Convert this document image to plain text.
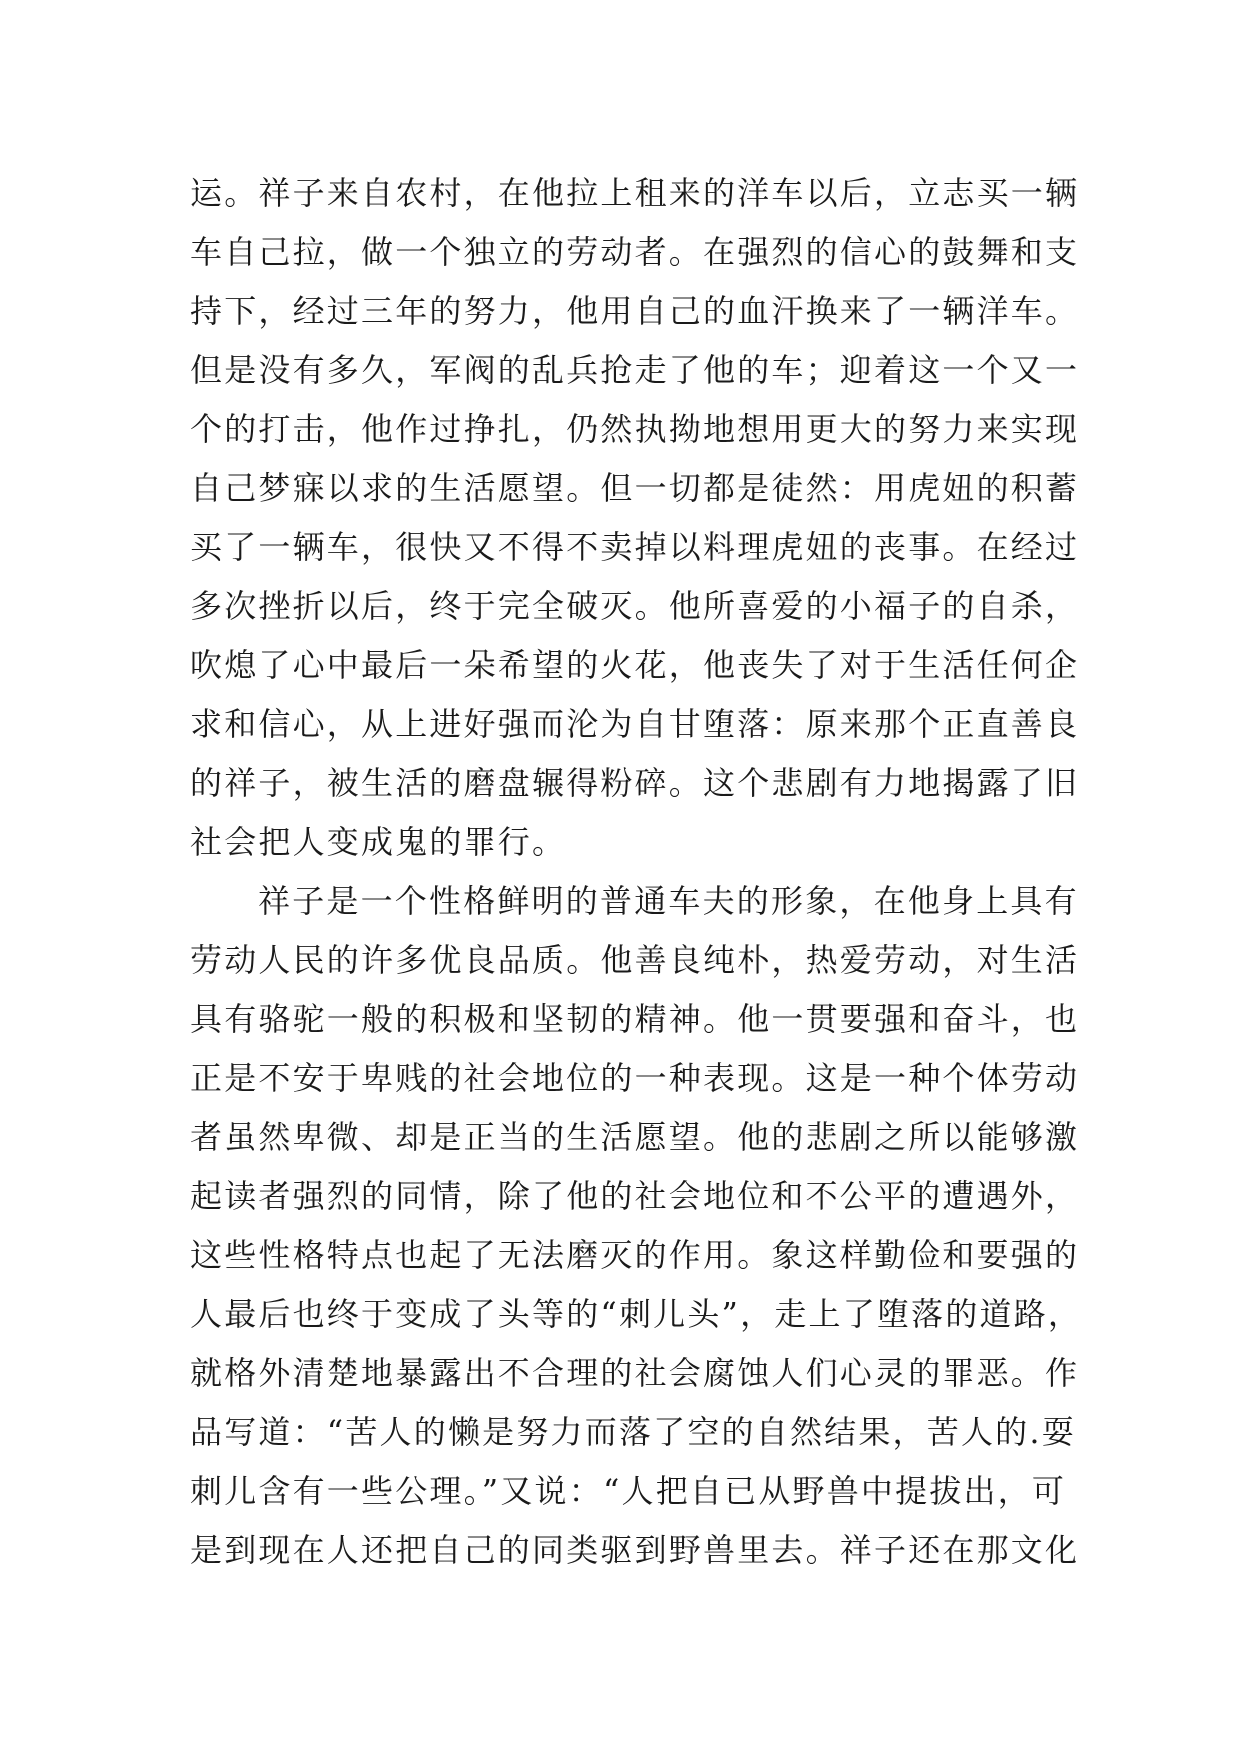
运。祥子来自农村，在他拉上租来的洋车以后，立志买一辆
车自己拉，做一个独立的劳动者。在强烈的信心的鼓舞和支
持下，经过三年的努力，他用自己的血汗换来了一辆洋车。
但是没有多久，军阀的乱兵抢走了他的车；迎着这一个又一
个的打击，他作过挣扎，仍然执拗地想用更大的努力来实现
自己梦寐以求的生活愿望。但一切都是徒然：用虎妞的积蓄
买了一辆车，很快又不得不卖掉以料理虎妞的丧事。在经过
多次挫折以后，终于完全破灭。他所喜爱的小福子的自杀，
吹熄了心中最后一朵希望的火花，他丧失了对于生活任何企
求和信心，从上进好强而沦为自甘堕落：原来那个正直善良
的祥子，被生活的磨盘辗得粉碎。这个悲剧有力地揭露了旧
社会把人变成鬼的罪行。
祥子是一个性格鲜明的普通车夫的形象，在他身上具有
劳动人民的许多优良品质。他善良纯朴，热爱劳动，对生活
具有骆驼一般的积极和坚韧的精神。他一贯要强和奋斗，也
正是不安于卑贱的社会地位的一种表现。这是一种个体劳动
者虽然卑微、却是正当的生活愿望。他的悲剧之所以能够激
起读者强烈的同情，除了他的社会地位和不公平的遭遇外，
这些性格特点也起了无法磨灭的作用。象这样勤俭和要强的
人最后也终于变成了头等的“刺儿头”，走上了堕落的道路，
就格外清楚地暴露出不合理的社会腐蚀人们心灵的罪恶。作
品写道：“苦人的懒是努力而落了空的自然结果，苦人的.耍
刺儿含有一些公理。”又说：“人把自已从野兽中提拔出，可
是到现在人还把自己的同类驱到野兽里去。祥子还在那文化
